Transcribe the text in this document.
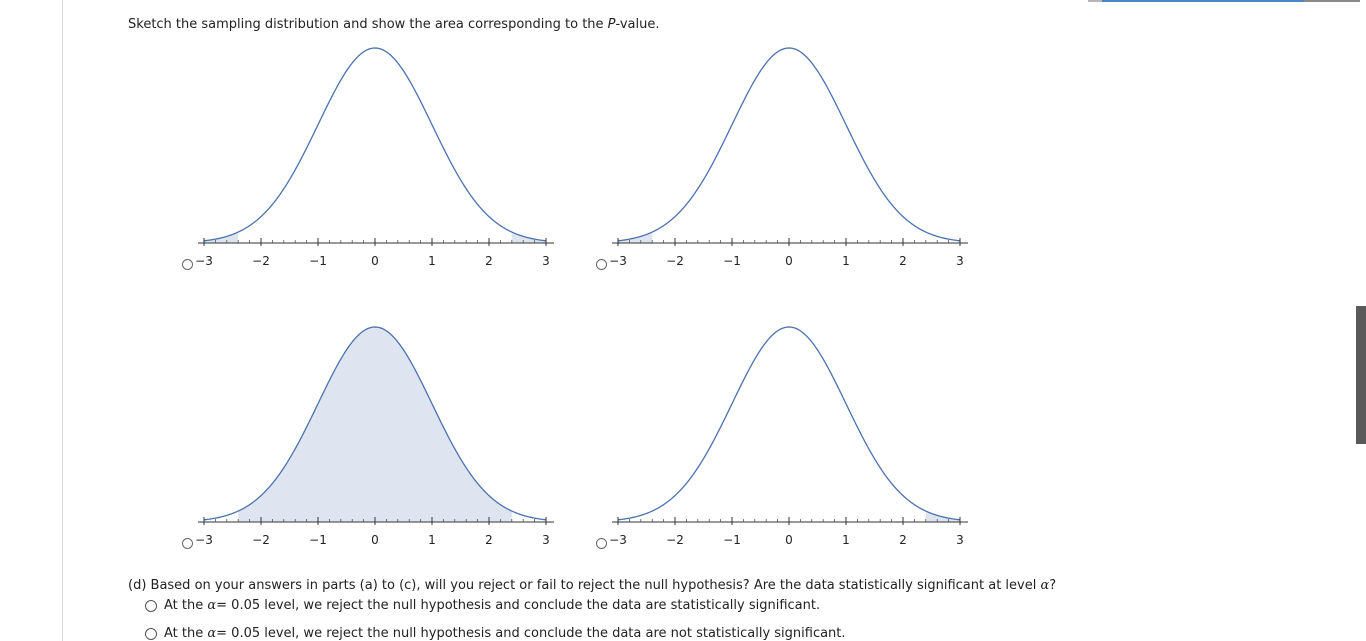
Sketch the sampling distribution and show the area corresponding to the P-value.
−3	−2	−1	0	1	2	3	−3	−2	−1	0	1	2	3
−3	−2	−1	0	1	2	3	−3	−2	−1	0	1	2	3
(d) Based on your answers in parts (a) to (c), will you reject or fail to reject the null hypothesis? Are the data statistically significant at level α?
At the
α = 0.05 level, we reject the null hypothesis and conclude the data are statistically significant.
At the
α = 0.05 level, we reject the null hypothesis and conclude the data are not statistically significant.
